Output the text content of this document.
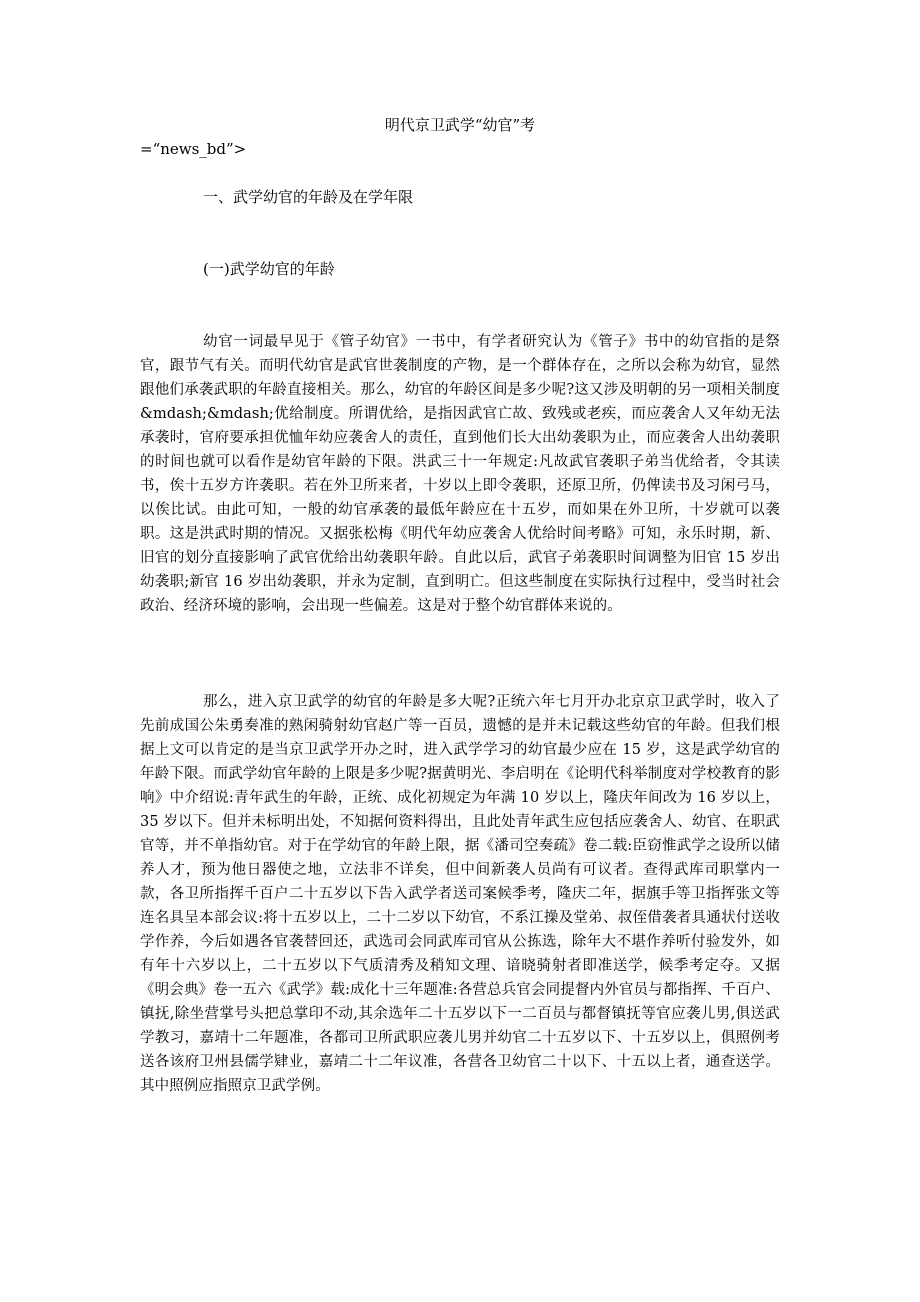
明代京卫武学“幼官”考
=“news_bd”>
一、武学幼官的年龄及在学年限
(一)武学幼官的年龄

幼官一词最早见于《管子幼官》一书中，有学者研究认为《管子》书中的幼官指的是祭官，跟节气有关。而明代幼官是武官世袭制度的产物，是一个群体存在，之所以会称为幼官，显然跟他们承袭武职的年龄直接相关。那么，幼官的年龄区间是多少呢?这又涉及明朝的另一项相关制度&mdash;&mdash;优给制度。所谓优给，是指因武官亡故、致残或老疾，而应袭舍人又年幼无法承袭时，官府要承担优恤年幼应袭舍人的责任，直到他们长大出幼袭职为止，而应袭舍人出幼袭职的时间也就可以看作是幼官年龄的下限。洪武三十一年规定:凡故武官袭职子弟当优给者，令其读书，俟十五岁方许袭职。若在外卫所来者，十岁以上即令袭职，还原卫所，仍俾读书及习闲弓马，以俟比试。由此可知，一般的幼官承袭的最低年龄应在十五岁，而如果在外卫所，十岁就可以袭职。这是洪武时期的情况。又据张松梅《明代年幼应袭舍人优给时间考略》可知，永乐时期，新、旧官的划分直接影响了武官优给出幼袭职年龄。自此以后，武官子弟袭职时间调整为旧官 15 岁出幼袭职;新官 16 岁出幼袭职，并永为定制，直到明亡。但这些制度在实际执行过程中，受当时社会政治、经济环境的影响，会出现一些偏差。这是对于整个幼官群体来说的。

那么，进入京卫武学的幼官的年龄是多大呢?正统六年七月开办北京京卫武学时，收入了先前成国公朱勇奏准的熟闲骑射幼官赵广等一百员，遗憾的是并未记载这些幼官的年龄。但我们根据上文可以肯定的是当京卫武学开办之时，进入武学学习的幼官最少应在 15 岁，这是武学幼官的年龄下限。而武学幼官年龄的上限是多少呢?据黄明光、李启明在《论明代科举制度对学校教育的影响》中介绍说:青年武生的年龄，正统、成化初规定为年满 10 岁以上，隆庆年间改为 16 岁以上，35 岁以下。但并未标明出处，不知据何资料得出，且此处青年武生应包括应袭舍人、幼官、在职武官等，并不单指幼官。对于在学幼官的年龄上限，据《潘司空奏疏》卷二载:臣窃惟武学之设所以储养人才，预为他日器使之地，立法非不详矣，但中间新袭人员尚有可议者。查得武库司职掌内一款，各卫所指挥千百户二十五岁以下告入武学者送司案候季考，隆庆二年，据旗手等卫指挥张文等连名具呈本部会议:将十五岁以上，二十二岁以下幼官，不系江操及堂弟、叔侄借袭者具通状付送收学作养，今后如遇各官袭替回还，武选司会同武库司官从公拣选，除年大不堪作养听付验发外，如有年十六岁以上，二十五岁以下气质清秀及稍知文理、谙晓骑射者即准送学，候季考定夺。又据《明会典》卷一五六《武学》载:成化十三年题准:各营总兵官会同提督内外官员与都指挥、千百户、镇抚,除坐营掌号头把总掌印不动,其余选年二十五岁以下一二百员与都督镇抚等官应袭儿男,俱送武学教习，嘉靖十二年题准，各都司卫所武职应袭儿男并幼官二十五岁以下、十五岁以上，俱照例考送各该府卫州县儒学肄业，嘉靖二十二年议准，各营各卫幼官二十以下、十五以上者，通查送学。其中照例应指照京卫武学例。
